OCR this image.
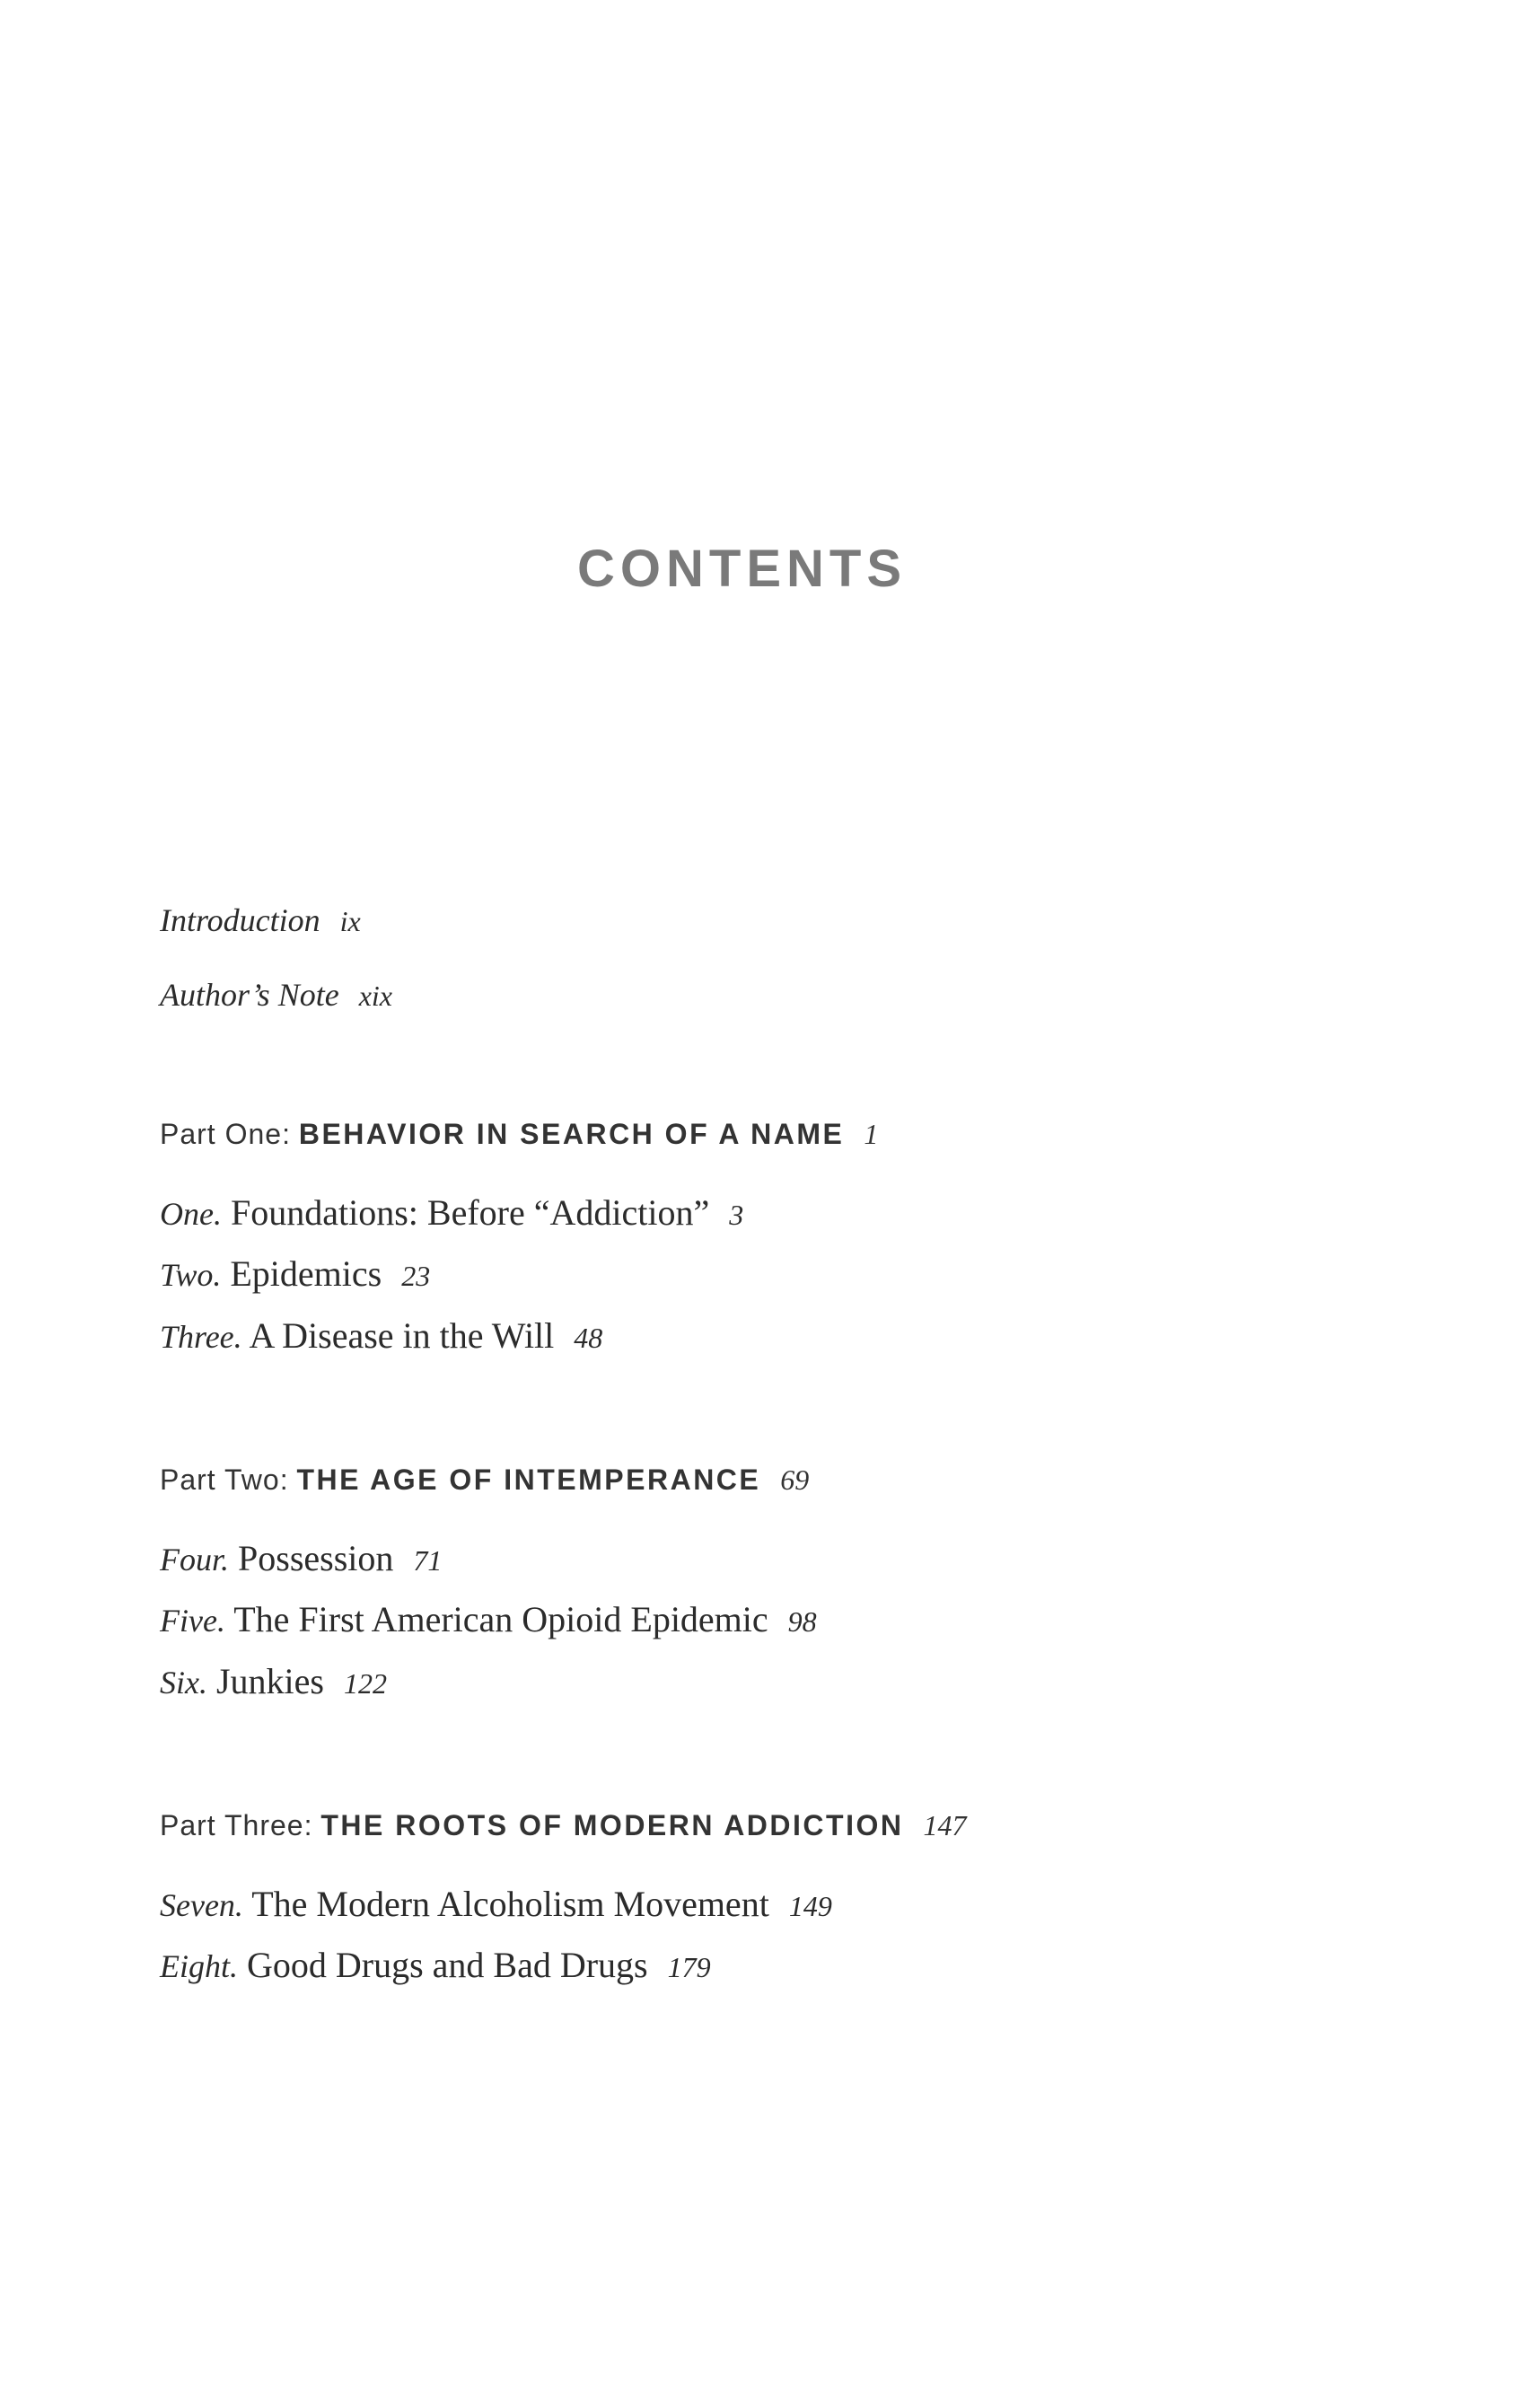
CONTENTS
Introduction ix
Author’s Note xix
Part One: BEHAVIOR IN SEARCH OF A NAME 1
One. Foundations: Before “Addiction” 3
Two. Epidemics 23
Three. A Disease in the Will 48
Part Two: THE AGE OF INTEMPERANCE 69
Four. Possession 71
Five. The First American Opioid Epidemic 98
Six. Junkies 122
Part Three: THE ROOTS OF MODERN ADDICTION 147
Seven. The Modern Alcoholism Movement 149
Eight. Good Drugs and Bad Drugs 179
